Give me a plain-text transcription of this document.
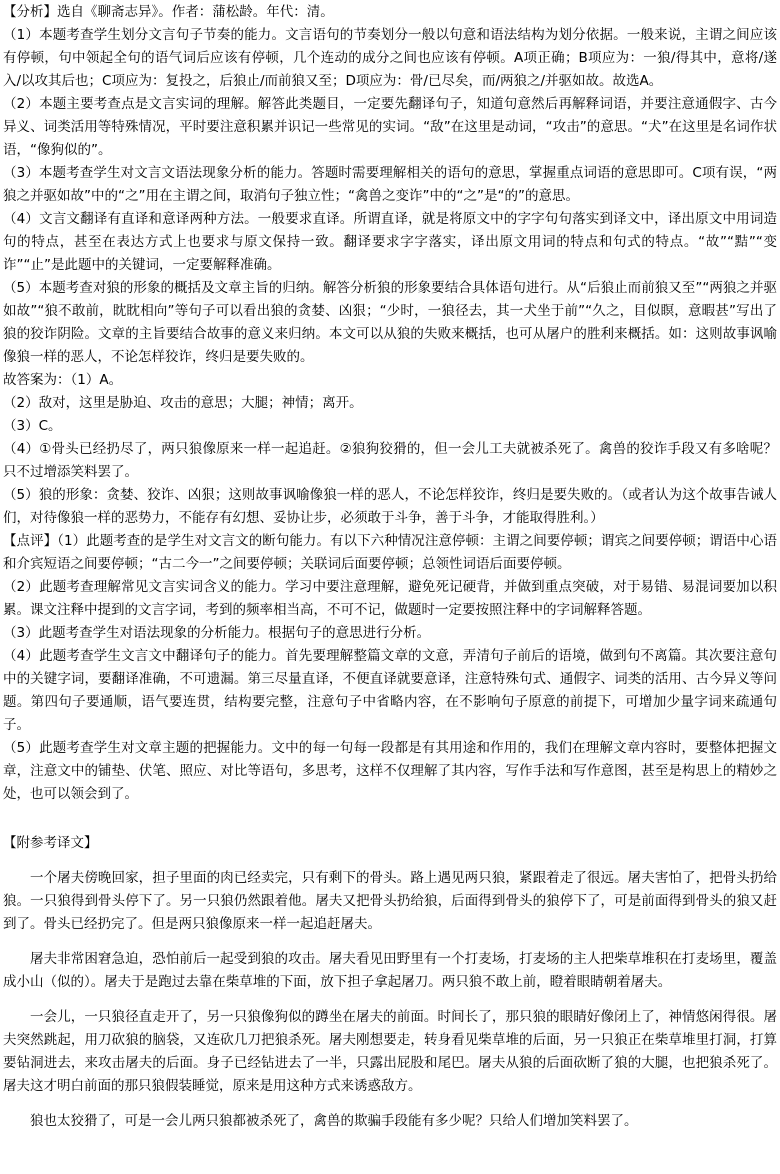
【分析】选自《聊斋志异》。作者：蒲松龄。年代：清。

（1）本题考查学生划分文言句子节奏的能力。文言语句的节奏划分一般以句意和语法结构为划分依据。一般来说，主谓之间应该有停顿，句中领起全句的语气词后应该有停顿，几个连动的成分之间也应该有停顿。A项正确；B项应为：一狼/得其中，意将/遂入/以攻其后也；C项应为：复投之，后狼止/而前狼又至；D项应为：骨/已尽矣，而/两狼之/并驱如故。故选A。

（2）本题主要考查点是文言实词的理解。解答此类题目，一定要先翻译句子，知道句意然后再解释词语，并要注意通假字、古今异义、词类活用等特殊情况，平时要注意积累并识记一些常见的实词。“敌”在这里是动词，“攻击”的意思。“犬”在这里是名词作状语，“像狗似的”。

（3）本题考查学生对文言文语法现象分析的能力。答题时需要理解相关的语句的意思，掌握重点词语的意思即可。C项有误，“两狼之并驱如故”中的“之”用在主谓之间，取消句子独立性；“禽兽之变诈”中的“之”是“的”的意思。

（4）文言文翻译有直译和意译两种方法。一般要求直译。所谓直译，就是将原文中的字字句句落实到译文中，译出原文中用词造句的特点，甚至在表达方式上也要求与原文保持一致。翻译要求字字落实，译出原文用词的特点和句式的特点。“故”“黠”“变诈”“止”是此题中的关键词，一定要解释准确。

（5）本题考查对狼的形象的概括及文章主旨的归纳。解答分析狼的形象要结合具体语句进行。从“后狼止而前狼又至”“两狼之并驱如故”“狼不敢前，眈眈相向”等句子可以看出狼的贪婪、凶狠；“少时，一狼径去，其一犬坐于前”“久之，目似瞑，意暇甚”写出了狼的狡诈阴险。文章的主旨要结合故事的意义来归纳。本文可以从狼的失败来概括，也可从屠户的胜利来概括。如：这则故事讽喻像狼一样的恶人，不论怎样狡诈，终归是要失败的。

故答案为：（1）A。

（2）敌对，这里是胁迫、攻击的意思；大腿；神情；离开。

（3）C。

（4）①骨头已经扔尽了，两只狼像原来一样一起追赶。②狼狗狡猾的，但一会儿工夫就被杀死了。禽兽的狡诈手段又有多啥呢？只不过增添笑料罢了。

（5）狼的形象：贪婪、狡诈、凶狠；这则故事讽喻像狼一样的恶人，不论怎样狡诈，终归是要失败的。（或者认为这个故事告诫人们，对待像狼一样的恶势力，不能存有幻想、妥协让步，必须敢于斗争，善于斗争，才能取得胜利。）

【点评】（1）此题考查的是学生对文言文的断句能力。有以下六种情况注意停顿：主谓之间要停顿；谓宾之间要停顿；谓语中心语和介宾短语之间要停顿；“古二今一”之间要停顿；关联词后面要停顿；总领性词语后面要停顿。

（2）此题考查理解常见文言实词含义的能力。学习中要注意理解，避免死记硬背，并做到重点突破，对于易错、易混词要加以积累。课文注释中提到的文言字词，考到的频率相当高，不可不记，做题时一定要按照注释中的字词解释答题。

（3）此题考查学生对语法现象的分析能力。根据句子的意思进行分析。

（4）此题考查学生文言文中翻译句子的能力。首先要理解整篇文章的文意，弄清句子前后的语境，做到句不离篇。其次要注意句中的关键字词，要翻译准确，不可遗漏。第三尽量直译，不便直译就要意译，注意特殊句式、通假字、词类的活用、古今异义等问题。第四句子要通顺，语气要连贯，结构要完整，注意句子中省略内容，在不影响句子原意的前提下，可增加少量字词来疏通句子。

（5）此题考查学生对文章主题的把握能力。文中的每一句每一段都是有其用途和作用的，我们在理解文章内容时，要整体把握文章，注意文中的铺垫、伏笔、照应、对比等语句，多思考，这样不仅理解了其内容，写作手法和写作意图，甚至是构思上的精妙之处，也可以领会到了。

【附参考译文】

一个屠夫傍晚回家，担子里面的肉已经卖完，只有剩下的骨头。路上遇见两只狼，紧跟着走了很远。屠夫害怕了，把骨头扔给狼。一只狼得到骨头停下了。另一只狼仍然跟着他。屠夫又把骨头扔给狼，后面得到骨头的狼停下了，可是前面得到骨头的狼又赶到了。骨头已经扔完了。但是两只狼像原来一样一起追赶屠夫。

屠夫非常困窘急迫，恐怕前后一起受到狼的攻击。屠夫看见田野里有一个打麦场，打麦场的主人把柴草堆积在打麦场里，覆盖成小山（似的）。屠夫于是跑过去靠在柴草堆的下面，放下担子拿起屠刀。两只狼不敢上前，瞪着眼睛朝着屠夫。

一会儿，一只狼径直走开了，另一只狼像狗似的蹲坐在屠夫的前面。时间长了，那只狼的眼睛好像闭上了，神情悠闲得很。屠夫突然跳起，用刀砍狼的脑袋，又连砍几刀把狼杀死。屠夫刚想要走，转身看见柴草堆的后面，另一只狼正在柴草堆里打洞，打算要钻洞进去，来攻击屠夫的后面。身子已经钻进去了一半，只露出屁股和尾巴。屠夫从狼的后面砍断了狼的大腿，也把狼杀死了。屠夫这才明白前面的那只狼假装睡觉，原来是用这种方式来诱惑敌方。

狼也太狡猾了，可是一会儿两只狼都被杀死了，禽兽的欺骗手段能有多少呢？只给人们增加笑料罢了。
